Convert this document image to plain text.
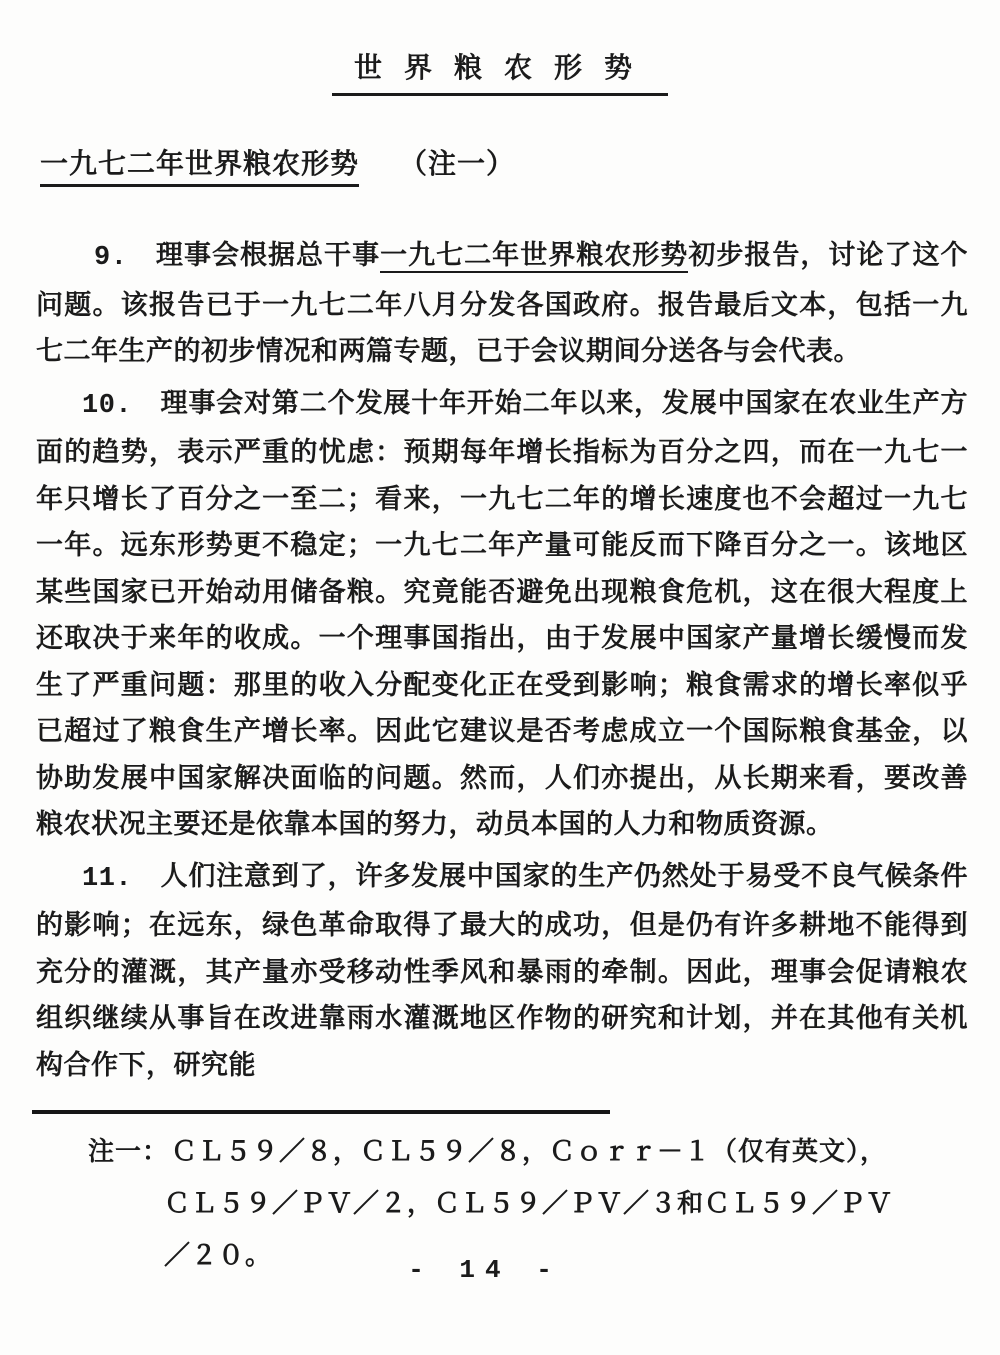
世界粮农形势
一九七二年世界粮农形势 （注一）

9. 理事会根据总干事一九七二年世界粮农形势初步报告，讨论了这个问题。该报告已于一九七二年八月分发各国政府。报告最后文本，包括一九七二年生产的初步情况和两篇专题，已于会议期间分送各与会代表。

10. 理事会对第二个发展十年开始二年以来，发展中国家在农业生产方面的趋势，表示严重的忧虑：预期每年增长指标为百分之四，而在一九七一年只增长了百分之一至二；看来，一九七二年的增长速度也不会超过一九七一年。远东形势更不稳定；一九七二年产量可能反而下降百分之一。该地区某些国家已开始动用储备粮。究竟能否避免出现粮食危机，这在很大程度上还取决于来年的收成。一个理事国指出，由于发展中国家产量增长缓慢而发生了严重问题：那里的收入分配变化正在受到影响；粮食需求的增长率似乎已超过了粮食生产增长率。因此它建议是否考虑成立一个国际粮食基金，以协助发展中国家解决面临的问题。然而，人们亦提出，从长期来看，要改善粮农状况主要还是依靠本国的努力，动员本国的人力和物质资源。

11. 人们注意到了，许多发展中国家的生产仍然处于易受不良气候条件的影响；在远东，绿色革命取得了最大的成功，但是仍有许多耕地不能得到充分的灌溉，其产量亦受移动性季风和暴雨的牵制。因此，理事会促请粮农组织继续从事旨在改进靠雨水灌溉地区作物的研究和计划，并在其他有关机构合作下，研究能

注一：ＣＬ５９／８，ＣＬ５９／８，Ｃｏｒｒ－１（仅有英文），
ＣＬ５９／ＰＶ／２，ＣＬ５９／ＰＶ／３和ＣＬ５９／ＰＶ
／２０。	- 14 -
